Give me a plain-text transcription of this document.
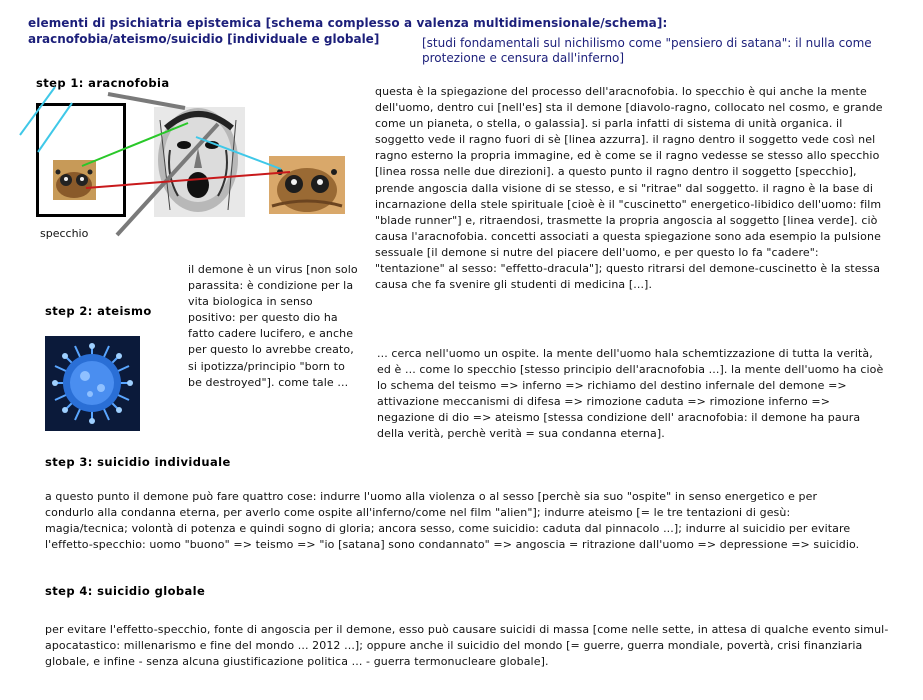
elementi di psichiatria epistemica [schema complesso a valenza multidimensionale/schema]:
aracnofobia/ateismo/suicidio [individuale e globale]	[studi fondamentali sul nichilismo come "pensiero di satana": il nulla come protezione e censura dall'inferno]
step 1: aracnofobia
specchio
questa è la spiegazione del processo dell'aracnofobia. lo specchio è qui anche la mente dell'uomo, dentro cui [nell'es] sta il demone [diavolo-ragno, collocato nel cosmo, e grande come un pianeta, o stella, o galassia]. si parla infatti di sistema di unità organica. il soggetto vede il ragno fuori di sè [linea azzurra]. il ragno dentro il soggetto vede così nel ragno esterno la propria immagine, ed è come se il ragno vedesse se stesso allo specchio [linea rossa nelle due direzioni]. a questo punto il ragno dentro il soggetto [specchio], prende angoscia dalla visione di se stesso, e si "ritrae" dal soggetto. il ragno è la base di incarnazione della stele spirituale [cioè è il "cuscinetto" energetico-libidico dell'uomo: film "blade runner"] e, ritraendosi, trasmette la propria angoscia al soggetto [linea verde]. ciò causa l'aracnofobia. concetti associati a questa spiegazione sono ada esempio la pulsione sessuale [il demone si nutre del piacere dell'uomo, e per questo lo fa "cadere": "tentazione" al sesso: "effetto-dracula"]; questo ritrarsi del demone-cuscinetto è la stessa causa che fa svenire gli studenti di medicina [...].
il demone è un virus [non solo parassita: è condizione per la vita biologica in senso positivo: per questo dio ha fatto cadere lucifero, e anche per questo lo avrebbe creato, si ipotizza/principio "born to be destroyed"]. come tale ...
step 2: ateismo
... cerca nell'uomo un ospite. la mente dell'uomo hala schemtizzazione di tutta la verità, ed è ... come lo specchio [stesso principio dell'aracnofobia ...]. la mente dell'uomo ha cioè lo schema del teismo => inferno => richiamo del destino infernale del demone => attivazione meccanismi di difesa => rimozione caduta => rimozione inferno => negazione di dio => ateismo [stessa condizione dell' aracnofobia: il demone ha paura della verità, perchè verità = sua condanna eterna].
step 3: suicidio individuale
a questo punto il demone può fare quattro cose: indurre l'uomo alla violenza o al sesso [perchè sia suo "ospite" in senso energetico e per condurlo alla condanna eterna, per averlo come ospite all'inferno/come nel film "alien"]; indurre ateismo [= le tre tentazioni di gesù: magia/tecnica; volontà di potenza e quindi sogno di gloria; ancora sesso, come suicidio: caduta dal pinnacolo ...]; indurre al suicidio per evitare l'effetto-specchio: uomo "buono" => teismo => "io [satana] sono condannato" => angoscia = ritrazione dall'uomo => depressione => suicidio.
step 4: suicidio globale
per evitare l'effetto-specchio, fonte di angoscia per il demone, esso può causare suicidi di massa [come nelle sette, in attesa di qualche evento simul-apocatastico: millenarismo e fine del mondo ... 2012 ...]; oppure anche il suicidio del mondo [= guerre, guerra mondiale, povertà, crisi finanziaria globale, e infine - senza alcuna giustificazione politica ... - guerra termonucleare globale].
